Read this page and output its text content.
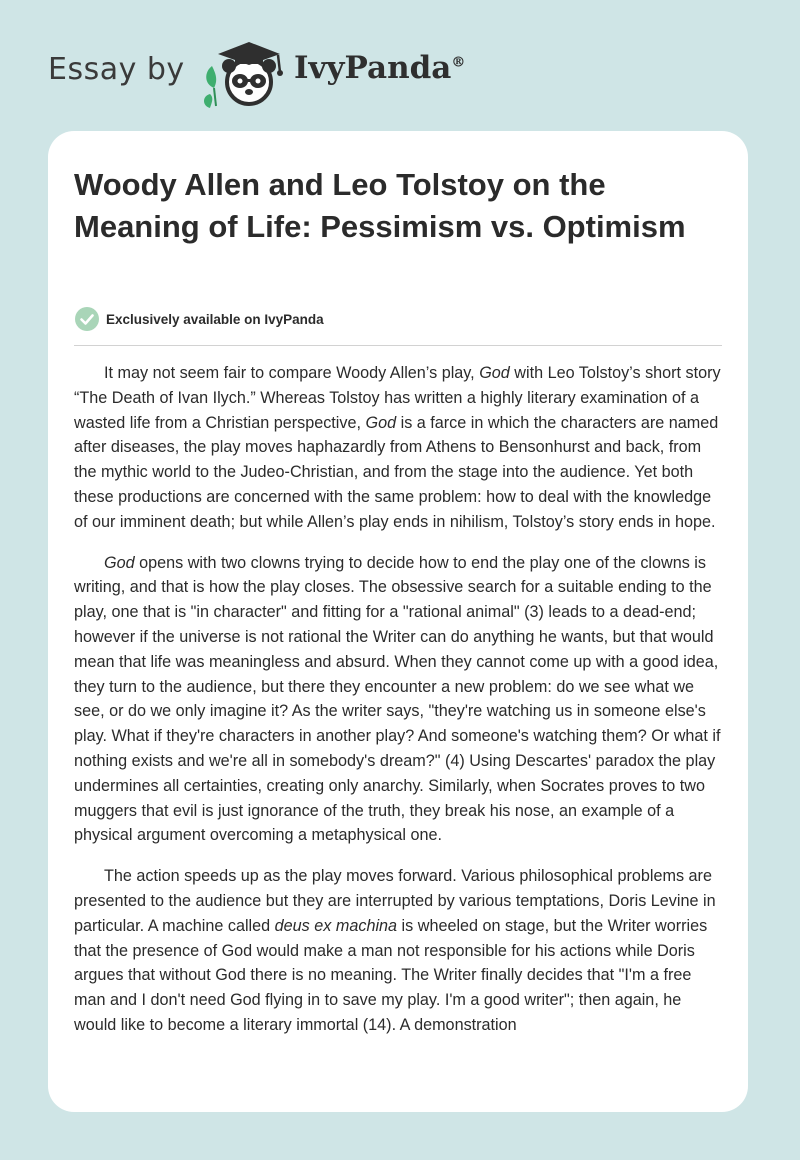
Essay by	IvyPanda®
Woody Allen and Leo Tolstoy on the Meaning of Life: Pessimism vs. Optimism
Exclusively available on IvyPanda

It may not seem fair to compare Woody Allen’s play, God with Leo Tolstoy’s short story “The Death of Ivan Ilych.” Whereas Tolstoy has written a highly literary examination of a wasted life from a Christian perspective, God is a farce in which the characters are named after diseases, the play moves haphazardly from Athens to Bensonhurst and back, from the mythic world to the Judeo-Christian, and from the stage into the audience. Yet both these productions are concerned with the same problem: how to deal with the knowledge of our imminent death; but while Allen’s play ends in nihilism, Tolstoy’s story ends in hope.

God opens with two clowns trying to decide how to end the play one of the clowns is writing, and that is how the play closes. The obsessive search for a suitable ending to the play, one that is "in character" and fitting for a "rational animal" (3) leads to a dead-end; however if the universe is not rational the Writer can do anything he wants, but that would mean that life was meaningless and absurd. When they cannot come up with a good idea, they turn to the audience, but there they encounter a new problem: do we see what we see, or do we only imagine it? As the writer says, "they're watching us in someone else's play. What if they're characters in another play? And someone's watching them? Or what if nothing exists and we're all in somebody's dream?" (4) Using Descartes' paradox the play undermines all certainties, creating only anarchy. Similarly, when Socrates proves to two muggers that evil is just ignorance of the truth, they break his nose, an example of a physical argument overcoming a metaphysical one.

The action speeds up as the play moves forward. Various philosophical problems are presented to the audience but they are interrupted by various temptations, Doris Levine in particular. A machine called deus ex machina is wheeled on stage, but the Writer worries that the presence of God would make a man not responsible for his actions while Doris argues that without God there is no meaning. The Writer finally decides that "I'm a free man and I don't need God flying in to save my play. I'm a good writer"; then again, he would like to become a literary immortal (14). A demonstration
